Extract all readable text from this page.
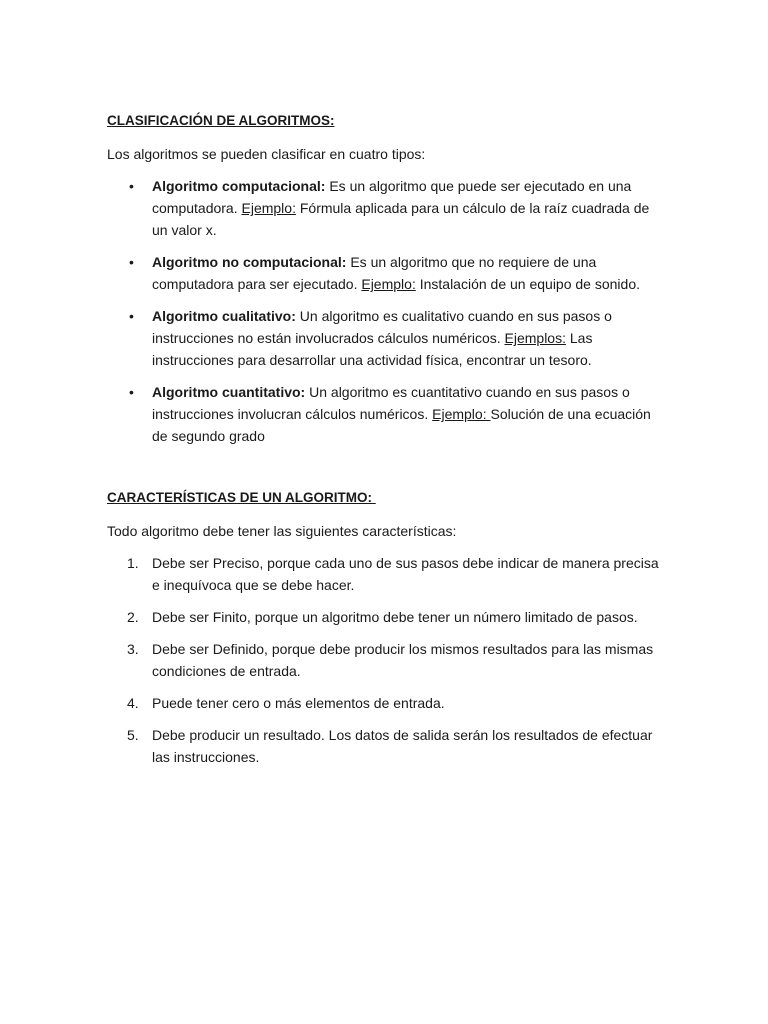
CLASIFICACIÓN DE ALGORITMOS:

Los algoritmos se pueden clasificar en cuatro tipos:

•	Algoritmo computacional: Es un algoritmo que puede ser ejecutado en una computadora. Ejemplo: Fórmula aplicada para un cálculo de la raíz cuadrada de un valor x.
•	Algoritmo no computacional: Es un algoritmo que no requiere de una computadora para ser ejecutado. Ejemplo: Instalación de un equipo de sonido.
•	Algoritmo cualitativo: Un algoritmo es cualitativo cuando en sus pasos o instrucciones no están involucrados cálculos numéricos. Ejemplos: Las instrucciones para desarrollar una actividad física, encontrar un tesoro.
•	Algoritmo cuantitativo: Un algoritmo es cuantitativo cuando en sus pasos o instrucciones involucran cálculos numéricos. Ejemplo: Solución de una ecuación de segundo grado
CARACTERÍSTICAS DE UN ALGORITMO:

Todo algoritmo debe tener las siguientes características:

1. Debe ser Preciso, porque cada uno de sus pasos debe indicar de manera precisa e inequívoca que se debe hacer.
2. Debe ser Finito, porque un algoritmo debe tener un número limitado de pasos.
3. Debe ser Definido, porque debe producir los mismos resultados para las mismas condiciones de entrada.
4. Puede tener cero o más elementos de entrada.
5. Debe producir un resultado. Los datos de salida serán los resultados de efectuar las instrucciones.
